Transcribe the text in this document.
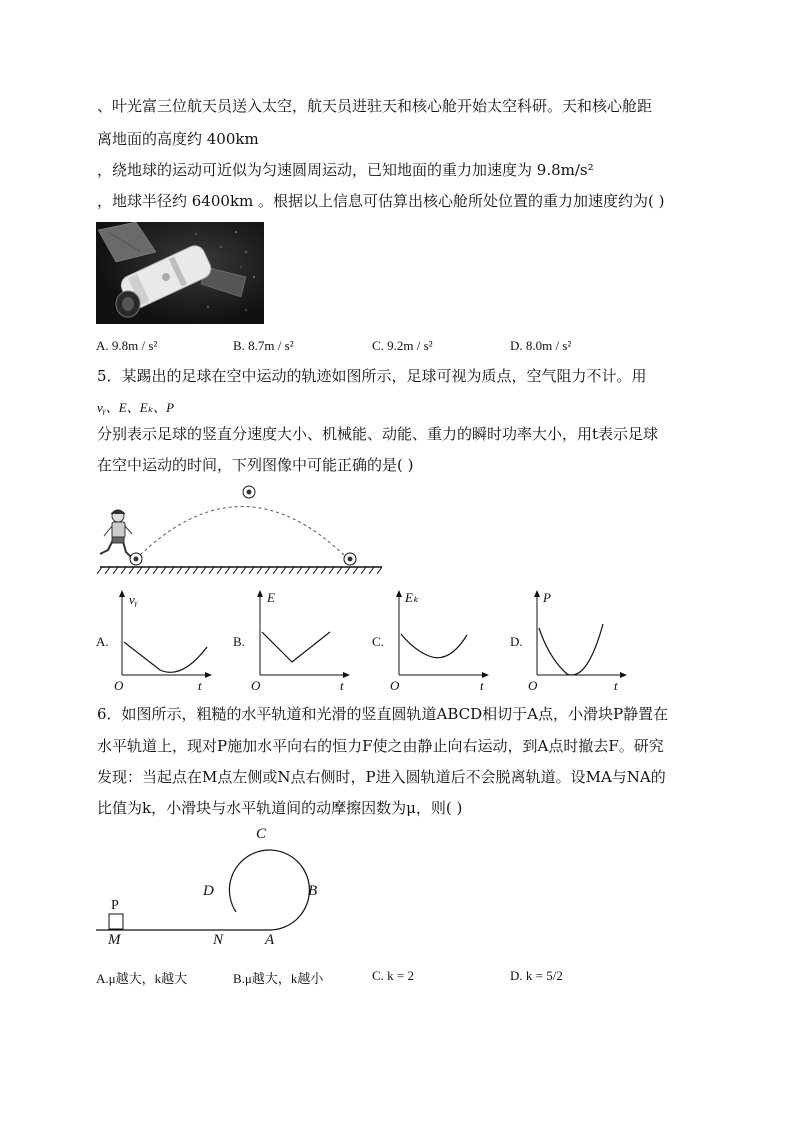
、叶光富三位航天员送入太空，航天员进驻天和核心舱开始太空科研。天和核心舱距
离地面的高度约 400km
，绕地球的运动可近似为匀速圆周运动，已知地面的重力加速度为 9.8m/s²
，地球半径约 6400km 。根据以上信息可估算出核心舱所处位置的重力加速度约为( )
A. 9.8m / s²	B. 8.7m / s²	C. 9.2m / s²	D. 8.0m / s²
5．某踢出的足球在空中运动的轨迹如图所示，足球可视为质点，空气阻力不计。用
vᵧ、E、Eₖ、P
分别表示足球的竖直分速度大小、机械能、动能、重力的瞬时功率大小，用t表示足球
在空中运动的时间，下列图像中可能正确的是( )
A.
vᵧ
O	t
B.
E
O	t
C.
Eₖ
O	t
D.
P
O	t
6．如图所示，粗糙的水平轨道和光滑的竖直圆轨道ABCD相切于A点，小滑块P静置在
水平轨道上，现对P施加水平向右的恒力F使之由静止向右运动，到A点时撤去F。研究
发现：当起点在M点左侧或N点右侧时，P进入圆轨道后不会脱离轨道。设MA与NA的
比值为k，小滑块与水平轨道间的动摩擦因数为μ，则( )
C
D	B
P
M	N	A
A.μ越大，k越大	B.μ越大，k越小	C. k = 2	D. k = 5/2
